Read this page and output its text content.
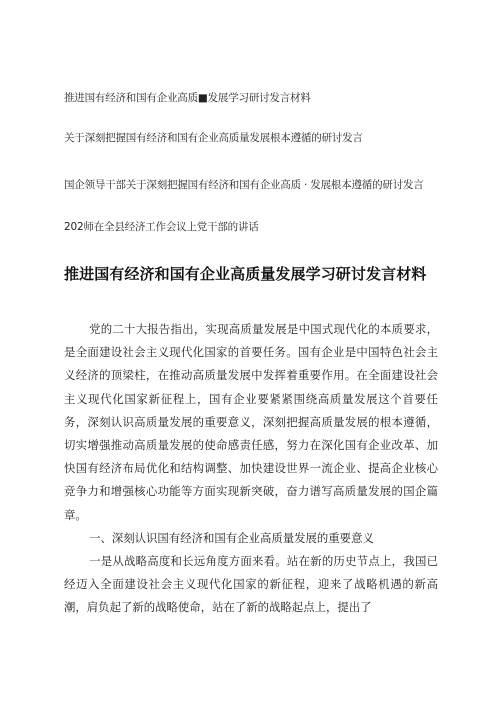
推进国有经济和国有企业高质■发展学习研讨发言材料
关于深刻把握国有经济和国有企业高质量发展根本遵循的研讨发言
国企领导干部关于深刻把握国有经济和国有企业高质 · 发展根本遵循的研讨发言
202师在全县经济工作会议上党干部的讲话
推进国有经济和国有企业高质量发展学习研讨发言材料

党的二十大报告指出，实现高质量发展是中国式现代化的本质要求，是全面建设社会主义现代化国家的首要任务。国有企业是中国特色社会主义经济的顶梁柱，在推动高质量发展中发挥着重要作用。在全面建设社会主义现代化国家新征程上，国有企业要紧紧围绕高质量发展这个首要任务，深刻认识高质量发展的重要意义，深刻把握高质量发展的根本遵循，切实增强推动高质量发展的使命感责任感，努力在深化国有企业改革、加快国有经济布局优化和结构调整、加快建设世界一流企业、提高企业核心竞争力和增强核心功能等方面实现新突破，奋力谱写高质量发展的国企篇章。

一、深刻认识国有经济和国有企业高质量发展的重要意义

一是从战略高度和长远角度方面来看。站在新的历史节点上，我国已经迈入全面建设社会主义现代化国家的新征程，迎来了战略机遇的新高潮，肩负起了新的战略使命，站在了新的战略起点上，提出了
